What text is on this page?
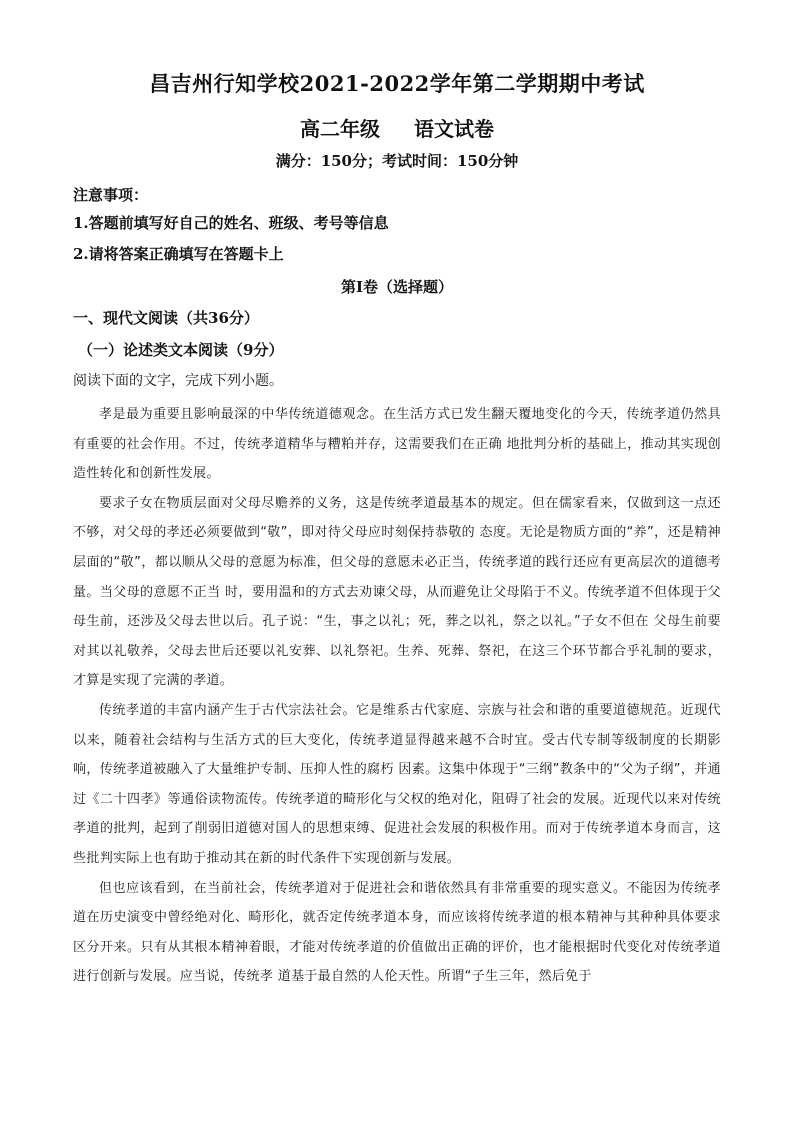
昌吉州行知学校2021-2022学年第二学期期中考试
高二年级 语文试卷
满分：150分；考试时间：150分钟
注意事项：
1.答题前填写好自己的姓名、班级、考号等信息
2.请将答案正确填写在答题卡上
第I卷（选择题）
一、现代文阅读（共36分）
（一）论述类文本阅读（9分）
阅读下面的文字，完成下列小题。

孝是最为重要且影响最深的中华传统道德观念。在生活方式已发生翻天覆地变化的今天，传统孝道仍然具有重要的社会作用。不过，传统孝道精华与糟粕并存，这需要我们在正确 地批判分析的基础上，推动其实现创造性转化和创新性发展。

要求子女在物质层面对父母尽赡养的义务，这是传统孝道最基本的规定。但在儒家看来，仅做到这一点还不够，对父母的孝还必须要做到“敬”，即对待父母应时刻保持恭敬的 态度。无论是物质方面的“养”，还是精神层面的“敬”，都以顺从父母的意愿为标准，但父母的意愿未必正当，传统孝道的践行还应有更高层次的道德考量。当父母的意愿不正当 时，要用温和的方式去劝谏父母，从而避免让父母陷于不义。传统孝道不但体现于父母生前，还涉及父母去世以后。孔子说：“生，事之以礼；死，葬之以礼，祭之以礼。”子女不但在 父母生前要对其以礼敬养，父母去世后还要以礼安葬、以礼祭祀。生养、死葬、祭祀，在这三个环节都合乎礼制的要求，才算是实现了完满的孝道。

传统孝道的丰富内涵产生于古代宗法社会。它是维系古代家庭、宗族与社会和谐的重要道德规范。近现代以来，随着社会结构与生活方式的巨大变化，传统孝道显得越来越不合时宜。受古代专制等级制度的长期影响，传统孝道被融入了大量维护专制、压抑人性的腐朽 因素。这集中体现于“三纲”教条中的“父为子纲”，并通过《二十四孝》等通俗读物流传。传统孝道的畸形化与父权的绝对化，阻碍了社会的发展。近现代以来对传统孝道的批判，起到了削弱旧道德对国人的思想束缚、促进社会发展的积极作用。而对于传统孝道本身而言，这些批判实际上也有助于推动其在新的时代条件下实现创新与发展。

但也应该看到，在当前社会，传统孝道对于促进社会和谐依然具有非常重要的现实意义。不能因为传统孝道在历史演变中曾经绝对化、畸形化，就否定传统孝道本身，而应该将传统孝道的根本精神与其种种具体要求区分开来。只有从其根本精神着眼，才能对传统孝道的价值做出正确的评价，也才能根据时代变化对传统孝道进行创新与发展。应当说，传统孝 道基于最自然的人伦天性。所谓“子生三年，然后免于
